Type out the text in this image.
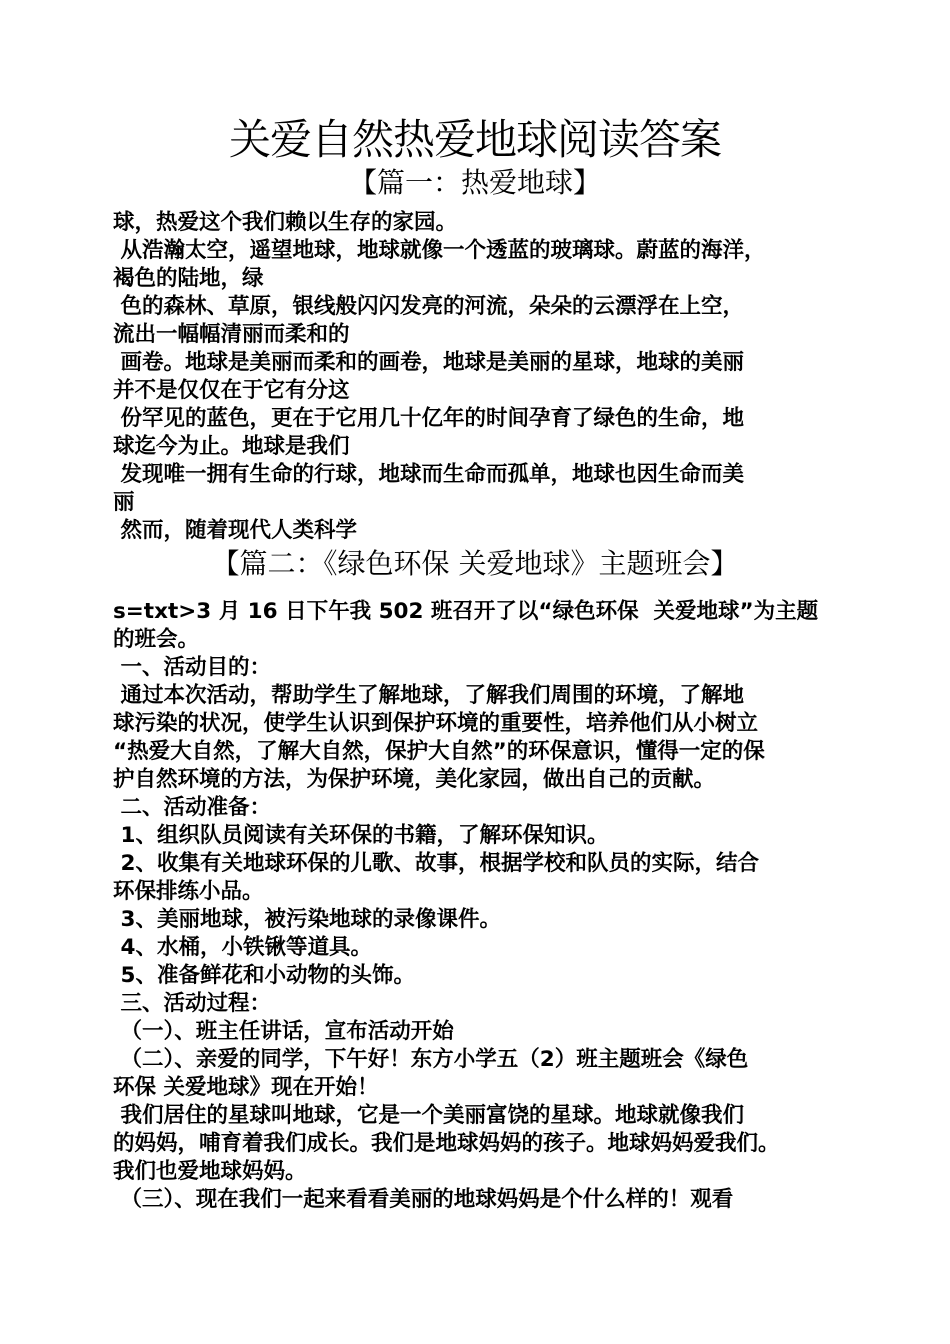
关爱自然热爱地球阅读答案
【篇一：热爱地球】

球，热爱这个我们赖以生存的家园。

从浩瀚太空，遥望地球，地球就像一个透蓝的玻璃球。蔚蓝的海洋，

褐色的陆地，绿

色的森林、草原，银线般闪闪发亮的河流，朵朵的云漂浮在上空，

流出一幅幅清丽而柔和的

画卷。地球是美丽而柔和的画卷，地球是美丽的星球，地球的美丽

并不是仅仅在于它有分这

份罕见的蓝色，更在于它用几十亿年的时间孕育了绿色的生命，地

球迄今为止。地球是我们

发现唯一拥有生命的行球，地球而生命而孤单，地球也因生命而美

丽

然而，随着现代人类科学

【篇二：《绿色环保 关爱地球》主题班会】

s=txt>3 月 16 日下午我 502 班召开了以“绿色环保  关爱地球”为主题

的班会。

一、活动目的：

通过本次活动，帮助学生了解地球，了解我们周围的环境，了解地

球污染的状况，使学生认识到保护环境的重要性，培养他们从小树立

“热爱大自然，了解大自然，保护大自然”的环保意识，懂得一定的保

护自然环境的方法，为保护环境，美化家园，做出自己的贡献。

二、活动准备：

1、组织队员阅读有关环保的书籍，了解环保知识。

2、收集有关地球环保的儿歌、故事，根据学校和队员的实际，结合

环保排练小品。

3、美丽地球，被污染地球的录像课件。

4、水桶，小铁锹等道具。

5、准备鲜花和小动物的头饰。

三、活动过程：

（一）、班主任讲话，宣布活动开始

（二）、亲爱的同学，下午好！东方小学五（2）班主题班会《绿色

环保 关爱地球》现在开始！

我们居住的星球叫地球，它是一个美丽富饶的星球。地球就像我们

的妈妈，哺育着我们成长。我们是地球妈妈的孩子。地球妈妈爱我们。

我们也爱地球妈妈。

（三）、现在我们一起来看看美丽的地球妈妈是个什么样的！观看
